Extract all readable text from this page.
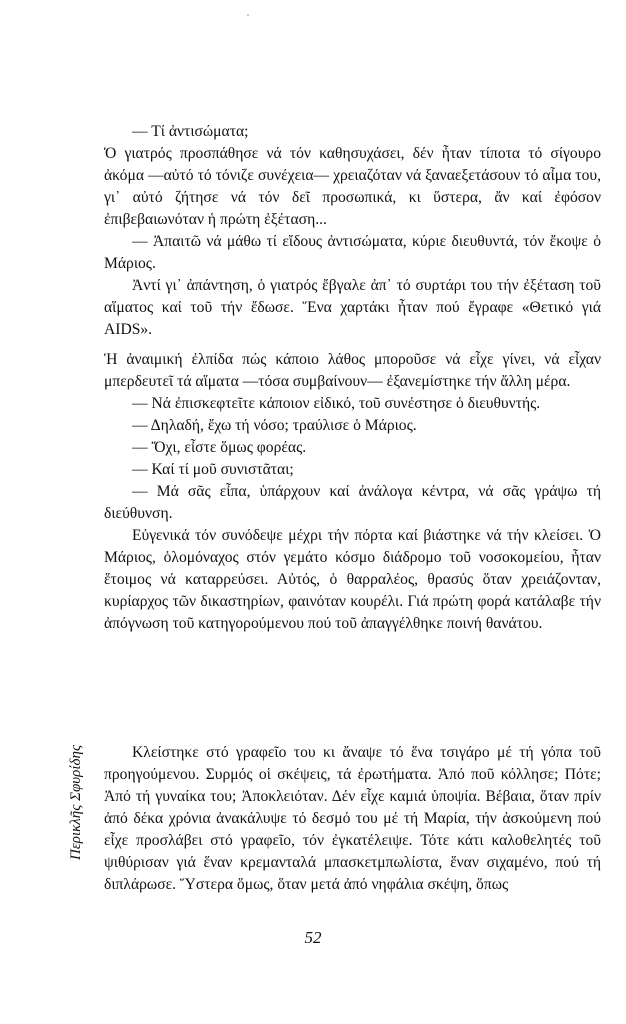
— Τί ἀντισώματα;

Ὁ γιατρός προσπάθησε νά τόν καθησυχάσει, δέν ἦταν τίποτα τό σίγουρο ἀκόμα —αὐτό τό τόνιζε συνέχεια— χρειαζόταν νά ξαναεξετάσουν τό αἷμα του, γι᾽ αὐτό ζήτησε νά τόν δεῖ προσωπικά, κι ὕστερα, ἄν καί ἐφόσον ἐπιβεβαιωνόταν ἡ πρώτη ἐξέταση...

— Ἀπαιτῶ νά μάθω τί εἴδους ἀντισώματα, κύριε διευθυντά, τόν ἔκοψε ὁ Μάριος.

Ἀντί γι᾽ ἀπάντηση, ὁ γιατρός ἔβγαλε ἀπ᾽ τό συρτάρι του τήν ἐξέταση τοῦ αἵματος καί τοῦ τήν ἔδωσε. Ἕνα χαρτάκι ἦταν πού ἔγραφε «Θετικό γιά AIDS».

Ἡ ἀναιμική ἐλπίδα πώς κάποιο λάθος μποροῦσε νά εἶχε γίνει, νά εἶχαν μπερδευτεῖ τά αἵματα —τόσα συμβαίνουν— ἐξανεμίστηκε τήν ἄλλη μέρα.

— Νά ἐπισκεφτεῖτε κάποιον εἰδικό, τοῦ συνέστησε ὁ διευθυντής.

— Δηλαδή, ἔχω τή νόσο; τραύλισε ὁ Μάριος.

— Ὄχι, εἶστε ὅμως φορέας.

— Καί τί μοῦ συνιστᾶται;

— Μά σᾶς εἶπα, ὑπάρχουν καί ἀνάλογα κέντρα, νά σᾶς γράψω τή διεύθυνση.

Εὐγενικά τόν συνόδεψε μέχρι τήν πόρτα καί βιάστηκε νά τήν κλείσει. Ὁ Μάριος, ὁλομόναχος στόν γεμάτο κόσμο διάδρομο τοῦ νοσοκομείου, ἦταν ἕτοιμος νά καταρρεύσει. Αὐτός, ὁ θαρραλέος, θρασύς ὅταν χρειάζονταν, κυρίαρχος τῶν δικαστηρίων, φαινόταν κουρέλι. Γιά πρώτη φορά κατάλαβε τήν ἀπόγνωση τοῦ κατηγορούμενου πού τοῦ ἀπαγγέλθηκε ποινή θανάτου.

Κλείστηκε στό γραφεῖο του κι ἄναψε τό ἕνα τσιγάρο μέ τή γόπα τοῦ προηγούμενου. Συρμός οἱ σκέψεις, τά ἐρωτήματα. Ἀπό ποῦ κόλλησε; Πότε; Ἀπό τή γυναίκα του; Ἀποκλειόταν. Δέν εἶχε καμιά ὑποψία. Βέβαια, ὅταν πρίν ἀπό δέκα χρόνια ἀνακάλυψε τό δεσμό του μέ τή Μαρία, τήν ἀσκούμενη πού εἶχε προσλάβει στό γραφεῖο, τόν ἐγκατέλειψε. Τότε κάτι καλοθελητές τοῦ ψιθύρισαν γιά ἕναν κρεμανταλά μπασκετμπωλίστα, ἕναν σιχαμένο, πού τή διπλάρωσε. Ὕστερα ὅμως, ὅταν μετά ἀπό νηφάλια σκέψη, ὅπως

Περικλῆς Σφυρίδης
52
